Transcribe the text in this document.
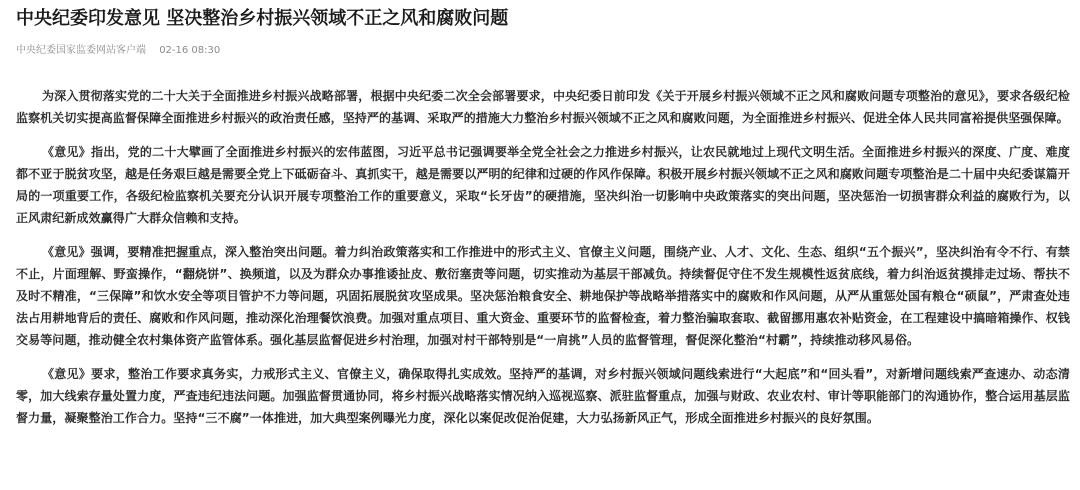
中央纪委印发意见 坚决整治乡村振兴领域不正之风和腐败问题
中央纪委国家监委网站客户端 02-16 08:30

为深入贯彻落实党的二十大关于全面推进乡村振兴战略部署，根据中央纪委二次全会部署要求，中央纪委日前印发《关于开展乡村振兴领域不正之风和腐败问题专项整治的意见》，要求各级纪检监察机关切实提高监督保障全面推进乡村振兴的政治责任感，坚持严的基调、采取严的措施大力整治乡村振兴领域不正之风和腐败问题，为全面推进乡村振兴、促进全体人民共同富裕提供坚强保障。

《意见》指出，党的二十大擘画了全面推进乡村振兴的宏伟蓝图，习近平总书记强调要举全党全社会之力推进乡村振兴，让农民就地过上现代文明生活。全面推进乡村振兴的深度、广度、难度都不亚于脱贫攻坚，越是任务艰巨越是需要全党上下砥砺奋斗、真抓实干，越是需要以严明的纪律和过硬的作风作保障。积极开展乡村振兴领域不正之风和腐败问题专项整治是二十届中央纪委谋篇开局的一项重要工作，各级纪检监察机关要充分认识开展专项整治工作的重要意义，采取“长牙齿”的硬措施，坚决纠治一切影响中央政策落实的突出问题，坚决惩治一切损害群众利益的腐败行为，以正风肃纪新成效赢得广大群众信赖和支持。

《意见》强调，要精准把握重点，深入整治突出问题。着力纠治政策落实和工作推进中的形式主义、官僚主义问题，围绕产业、人才、文化、生态、组织“五个振兴”，坚决纠治有令不行、有禁不止，片面理解、野蛮操作，“翻烧饼”、换频道，以及为群众办事推诿扯皮、敷衍塞责等问题，切实推动为基层干部减负。持续督促守住不发生规模性返贫底线，着力纠治返贫摸排走过场、帮扶不及时不精准，“三保障”和饮水安全等项目管护不力等问题，巩固拓展脱贫攻坚成果。坚决惩治粮食安全、耕地保护等战略举措落实中的腐败和作风问题，从严从重惩处国有粮仓“硕鼠”，严肃查处违法占用耕地背后的责任、腐败和作风问题，推动深化治理餐饮浪费。加强对重点项目、重大资金、重要环节的监督检查，着力整治骗取套取、截留挪用惠农补贴资金，在工程建设中搞暗箱操作、权钱交易等问题，推动健全农村集体资产监管体系。强化基层监督促进乡村治理，加强对村干部特别是“一肩挑”人员的监督管理，督促深化整治“村霸”，持续推动移风易俗。

《意见》要求，整治工作要求真务实，力戒形式主义、官僚主义，确保取得扎实成效。坚持严的基调，对乡村振兴领域问题线索进行“大起底”和“回头看”，对新增问题线索严查速办、动态清零，加大线索存量处置力度，严查违纪违法问题。加强监督贯通协同，将乡村振兴战略落实情况纳入巡视巡察、派驻监督重点，加强与财政、农业农村、审计等职能部门的沟通协作，整合运用基层监督力量，凝聚整治工作合力。坚持“三不腐”一体推进，加大典型案例曝光力度，深化以案促改促治促建，大力弘扬新风正气，形成全面推进乡村振兴的良好氛围。
